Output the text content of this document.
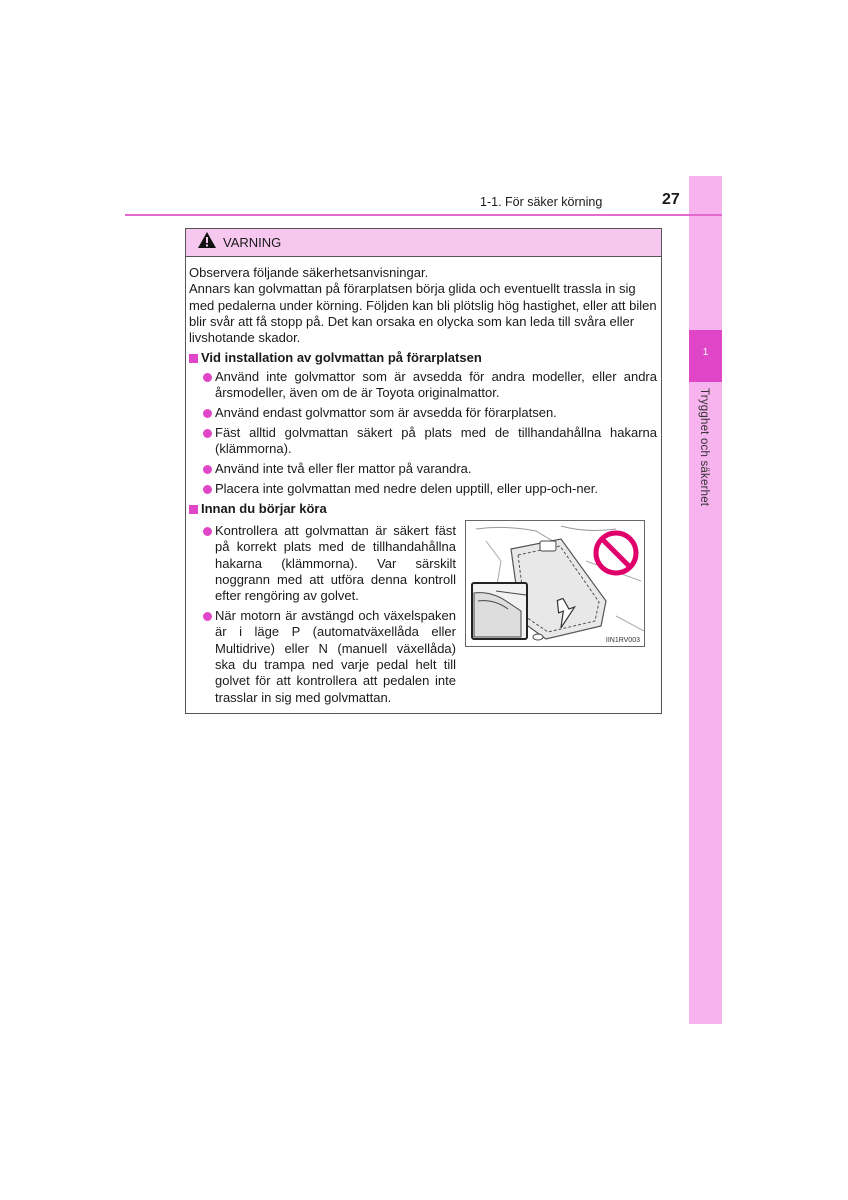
1
Trygghet och säkerhet
1-1. För säker körning	27
VARNING

Observera följande säkerhetsanvisningar.

Annars kan golvmattan på förarplatsen börja glida och eventuellt trassla in sig med pedalerna under körning. Följden kan bli plötslig hög hastighet, eller att bilen blir svår att få stopp på. Det kan orsaka en olycka som kan leda till svåra eller livshotande skador.

Vid installation av golvmattan på förarplatsen
Använd inte golvmattor som är avsedda för andra modeller, eller andra årsmodeller, även om de är Toyota originalmattor.
Använd endast golvmattor som är avsedda för förarplatsen.
Fäst alltid golvmattan säkert på plats med de tillhandahållna hakarna (klämmorna).
Använd inte två eller fler mattor på varandra.
Placera inte golvmattan med nedre delen upptill, eller upp-och-ner.
Innan du börjar köra
Kontrollera att golvmattan är säkert fäst på korrekt plats med de tillhandahållna hakarna (klämmorna). Var särskilt noggrann med att utföra denna kontroll efter rengöring av golvet.
När motorn är avstängd och växelspaken är i läge P (automatväxellåda eller Multidrive) eller N (manuell växellåda) ska du trampa ned varje pedal helt till golvet för att kontrollera att pedalen inte trasslar in sig med golvmattan.
IIN1RV003
